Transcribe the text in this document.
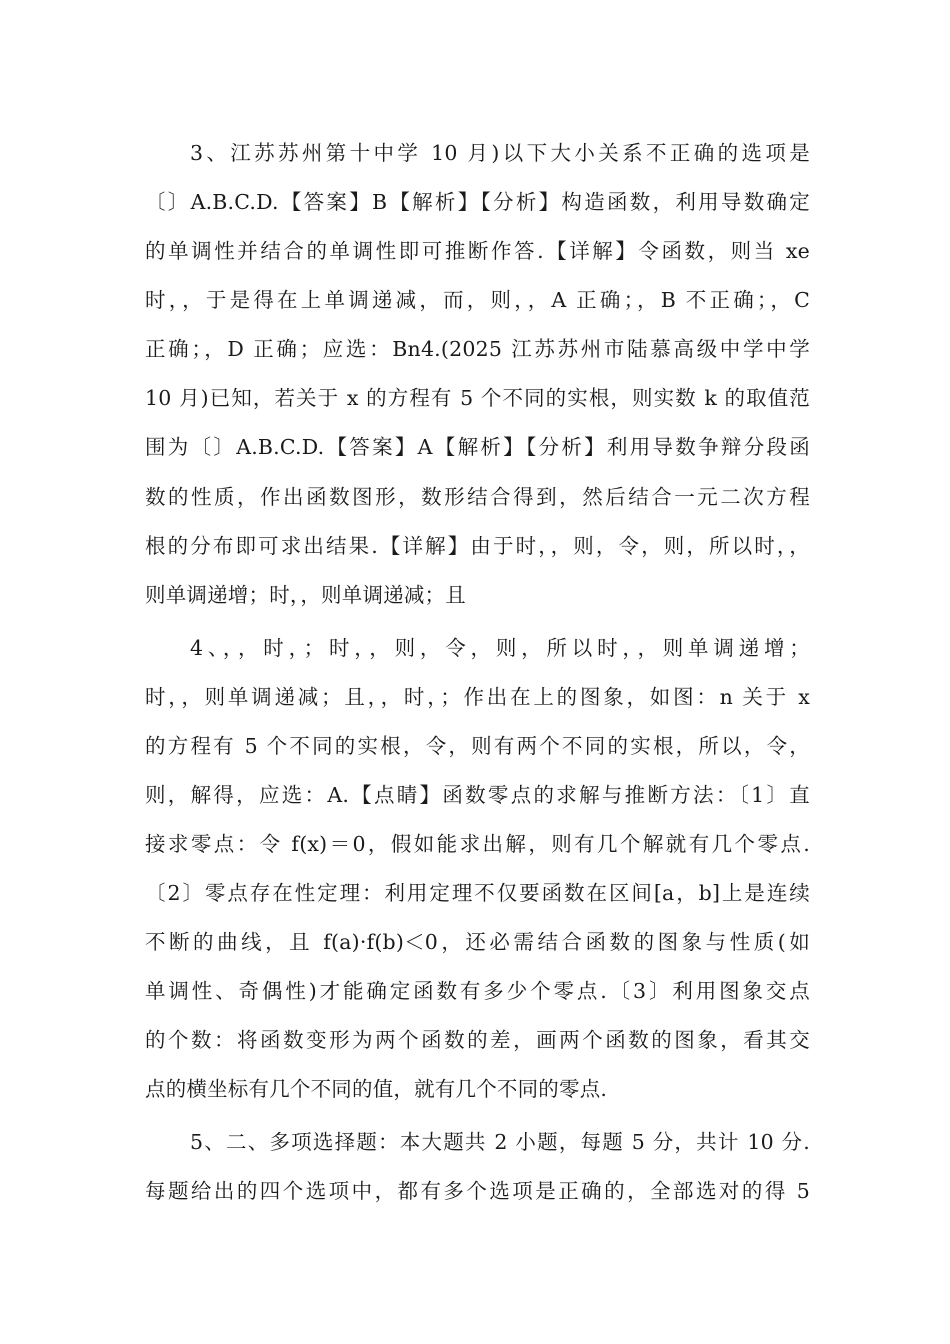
3、江苏苏州第十中学 10 月)以下大小关系不正确的选项是
〔〕A.B.C.D.【答案】B【解析】【分析】构造函数，利用导数确定
的单调性并结合的单调性即可推断作答.【详解】令函数，则当 xe
时，，于是得在上单调递减，而，则，，A 正确；，B 不正确；，C
正确；，D 正确；应选：Bn4.(2025 江苏苏州市陆慕高级中学中学
10 月)已知，若关于 x 的方程有 5 个不同的实根，则实数 k 的取值范
围为〔〕A.B.C.D.【答案】A【解析】【分析】利用导数争辩分段函
数的性质，作出函数图形，数形结合得到，然后结合一元二次方程
根的分布即可求出结果.【详解】由于时，，则，令，则，所以时，，
则单调递增；时，，则单调递减；且
4、，，时，；时，，则，令，则，所以时，，则单调递增；
时，，则单调递减；且，，时，；作出在上的图象，如图：n 关于 x
的方程有 5 个不同的实根，令，则有两个不同的实根，所以，令，
则，解得，应选：A.【点睛】函数零点的求解与推断方法：〔1〕直
接求零点：令 f(x)＝0，假如能求出解，则有几个解就有几个零点.
〔2〕零点存在性定理：利用定理不仅要函数在区间[a，b]上是连续
不断的曲线，且 f(a)·f(b)＜0，还必需结合函数的图象与性质(如
单调性、奇偶性)才能确定函数有多少个零点.〔3〕利用图象交点
的个数：将函数变形为两个函数的差，画两个函数的图象，看其交
点的横坐标有几个不同的值，就有几个不同的零点.
5、二、多项选择题：本大题共 2 小题，每题 5 分，共计 10 分.
每题给出的四个选项中，都有多个选项是正确的，全部选对的得 5
